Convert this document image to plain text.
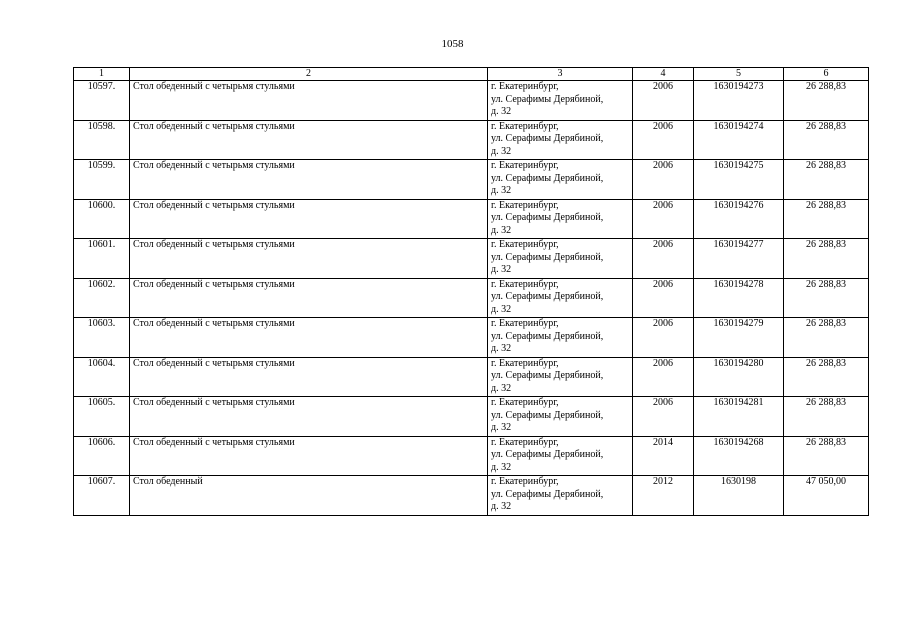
1058
1	2	3	4	5	6
10597.	Стол обеденный с четырьмя стульями	г. Екатеринбург,
ул. Серафимы Дерябиной,
д. 32	2006	1630194273	26 288,83
10598.	Стол обеденный с четырьмя стульями	г. Екатеринбург,
ул. Серафимы Дерябиной,
д. 32	2006	1630194274	26 288,83
10599.	Стол обеденный с четырьмя стульями	г. Екатеринбург,
ул. Серафимы Дерябиной,
д. 32	2006	1630194275	26 288,83
10600.	Стол обеденный с четырьмя стульями	г. Екатеринбург,
ул. Серафимы Дерябиной,
д. 32	2006	1630194276	26 288,83
10601.	Стол обеденный с четырьмя стульями	г. Екатеринбург,
ул. Серафимы Дерябиной,
д. 32	2006	1630194277	26 288,83
10602.	Стол обеденный с четырьмя стульями	г. Екатеринбург,
ул. Серафимы Дерябиной,
д. 32	2006	1630194278	26 288,83
10603.	Стол обеденный с четырьмя стульями	г. Екатеринбург,
ул. Серафимы Дерябиной,
д. 32	2006	1630194279	26 288,83
10604.	Стол обеденный с четырьмя стульями	г. Екатеринбург,
ул. Серафимы Дерябиной,
д. 32	2006	1630194280	26 288,83
10605.	Стол обеденный с четырьмя стульями	г. Екатеринбург,
ул. Серафимы Дерябиной,
д. 32	2006	1630194281	26 288,83
10606.	Стол обеденный с четырьмя стульями	г. Екатеринбург,
ул. Серафимы Дерябиной,
д. 32	2014	1630194268	26 288,83
10607.	Стол обеденный	г. Екатеринбург,
ул. Серафимы Дерябиной,
д. 32	2012	1630198	47 050,00
